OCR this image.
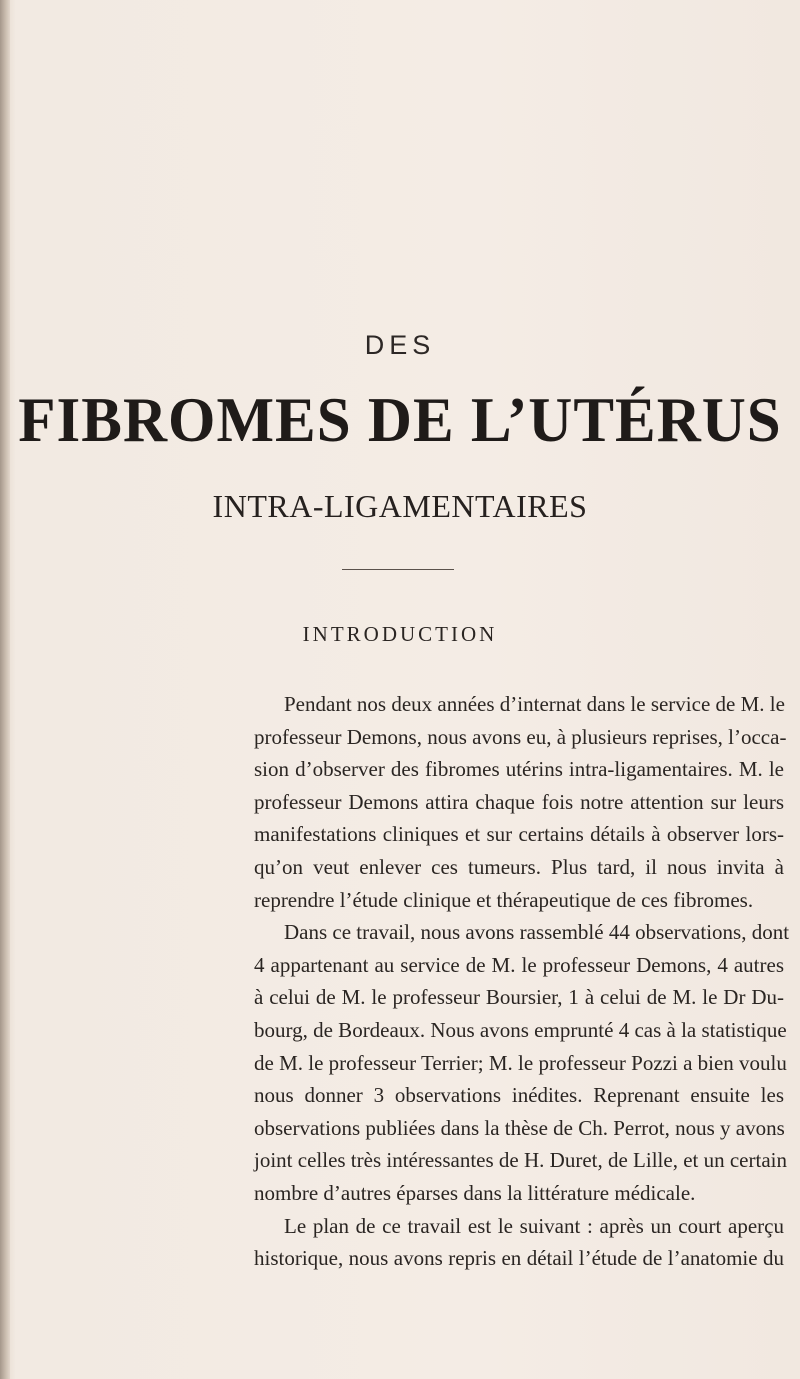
DES
FIBROMES DE L’UTÉRUS
INTRA-LIGAMENTAIRES
INTRODUCTION
Pendant nos deux années d’internat dans le service de M. le
professeur Demons, nous avons eu, à plusieurs reprises, l’occa-
sion d’observer des fibromes utérins intra-ligamentaires. M. le
professeur Demons attira chaque fois notre attention sur leurs
manifestations cliniques et sur certains détails à observer lors-
qu’on veut enlever ces tumeurs. Plus tard, il nous invita à
reprendre l’étude clinique et thérapeutique de ces fibromes.
Dans ce travail, nous avons rassemblé 44 observations, dont
4 appartenant au service de M. le professeur Demons, 4 autres
à celui de M. le professeur Boursier, 1 à celui de M. le Dr Du-
bourg, de Bordeaux. Nous avons emprunté 4 cas à la statistique
de M. le professeur Terrier; M. le professeur Pozzi a bien voulu
nous donner 3 observations inédites. Reprenant ensuite les
observations publiées dans la thèse de Ch. Perrot, nous y avons
joint celles très intéressantes de H. Duret, de Lille, et un certain
nombre d’autres éparses dans la littérature médicale.
Le plan de ce travail est le suivant : après un court aperçu
historique, nous avons repris en détail l’étude de l’anatomie du
